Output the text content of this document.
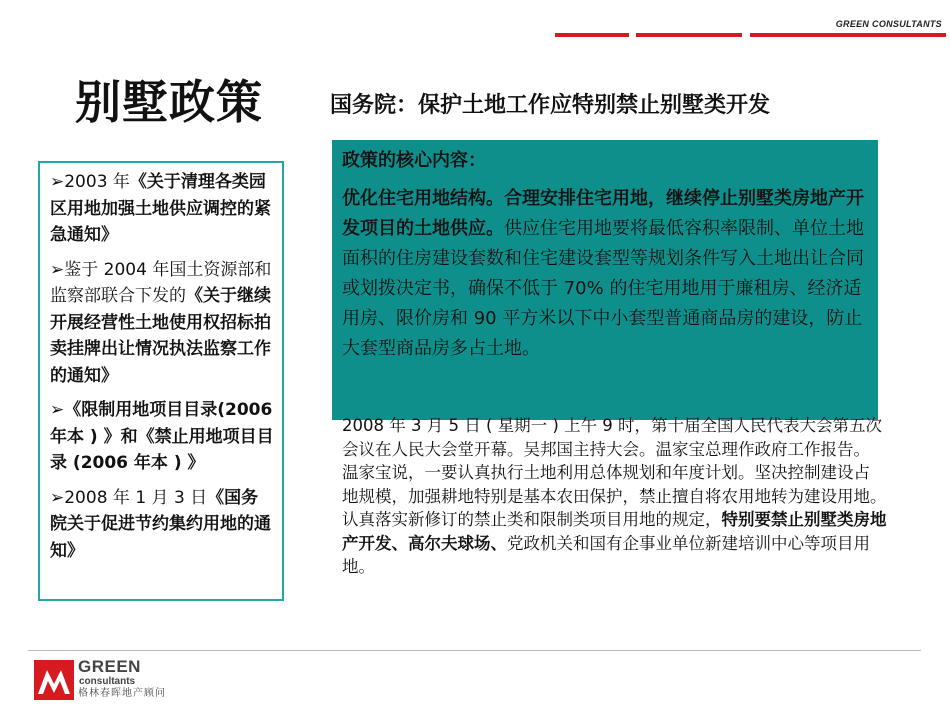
GREEN CONSULTANTS
别墅政策	国务院：保护土地工作应特别禁止别墅类开发

➢2003 年《关于清理各类园区用地加强土地供应调控的紧急通知》

➢鉴于 2004 年国土资源部和监察部联合下发的《关于继续开展经营性土地使用权招标拍卖挂牌出让情况执法监察工作的通知》

➢《限制用地项目目录(2006 年本 ) 》和《禁止用地项目目录 (2006 年本 ) 》

➢2008 年 1 月 3 日《国务院关于促进节约集约用地的通知》

政策的核心内容：

优化住宅用地结构。合理安排住宅用地，继续停止别墅类房地产开发项目的土地供应。供应住宅用地要将最低容积率限制、单位土地面积的住房建设套数和住宅建设套型等规划条件写入土地出让合同或划拨决定书，确保不低于 70% 的住宅用地用于廉租房、经济适用房、限价房和 90 平方米以下中小套型普通商品房的建设，防止大套型商品房多占土地。

2008 年 3 月 5 日 ( 星期一 ) 上午 9 时，第十届全国人民代表大会第五次会议在人民大会堂开幕。吴邦国主持大会。温家宝总理作政府工作报告。
温家宝说，一要认真执行土地利用总体规划和年度计划。坚决控制建设占 地规模，加强耕地特别是基本农田保护，禁止擅自将农用地转为建设用地。认真落实新修订的禁止类和限制类项目用地的规定，特别要禁止别墅类房地产开发、高尔夫球场、党政机关和国有企事业单位新建培训中心等项目用地。
GREEN
consultants
格林春晖地产顾问
